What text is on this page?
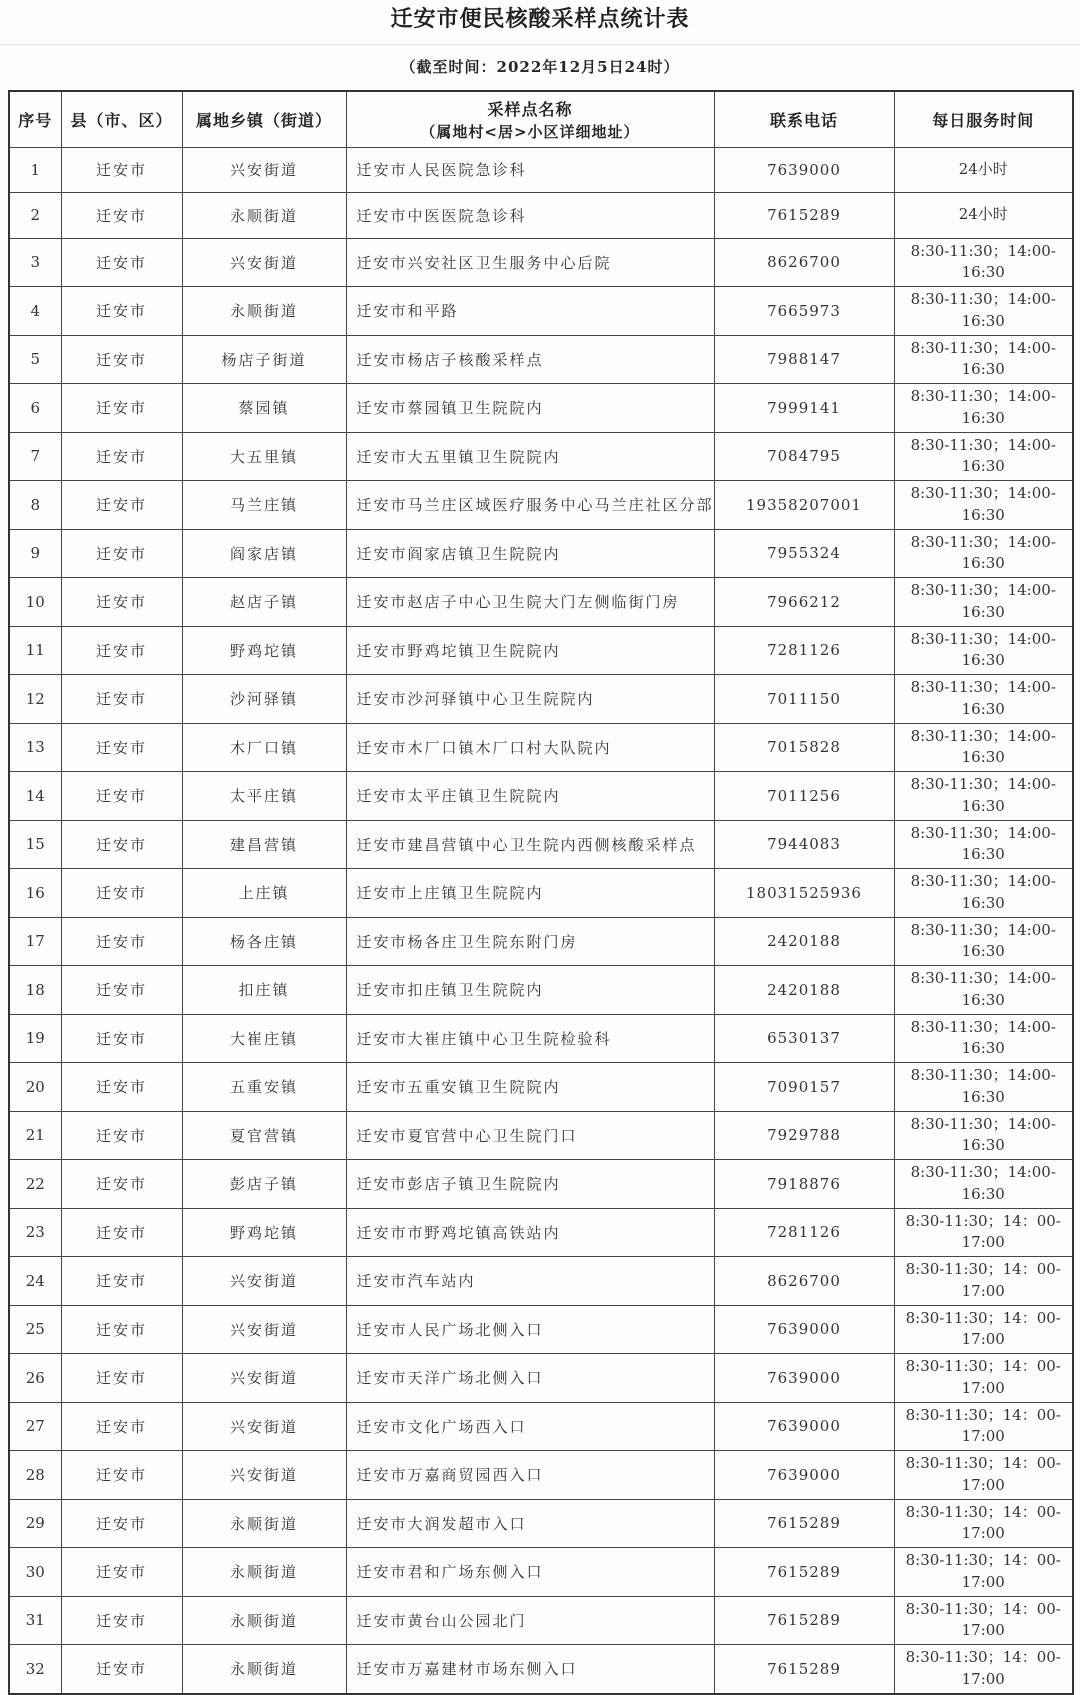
迁安市便民核酸采样点统计表
（截至时间：2022年12月5日24时）
序号	县（市、区）	属地乡镇（街道）	采样点名称
（属地村<居>小区详细地址）	联系电话	每日服务时间

1	迁安市	兴安街道	迁安市人民医院急诊科	7639000	24小时
2	迁安市	永顺街道	迁安市中医医院急诊科	7615289	24小时
3	迁安市	兴安街道	迁安市兴安社区卫生服务中心后院	8626700	8:30-11:30；14:00-16:30
4	迁安市	永顺街道	迁安市和平路	7665973	8:30-11:30；14:00-16:30
5	迁安市	杨店子街道	迁安市杨店子核酸采样点	7988147	8:30-11:30；14:00-16:30
6	迁安市	蔡园镇	迁安市蔡园镇卫生院院内	7999141	8:30-11:30；14:00-16:30
7	迁安市	大五里镇	迁安市大五里镇卫生院院内	7084795	8:30-11:30；14:00-16:30
8	迁安市	马兰庄镇	迁安市马兰庄区域医疗服务中心马兰庄社区分部	19358207001	8:30-11:30；14:00-16:30
9	迁安市	阎家店镇	迁安市阎家店镇卫生院院内	7955324	8:30-11:30；14:00-16:30
10	迁安市	赵店子镇	迁安市赵店子中心卫生院大门左侧临街门房	7966212	8:30-11:30；14:00-16:30
11	迁安市	野鸡坨镇	迁安市野鸡坨镇卫生院院内	7281126	8:30-11:30；14:00-16:30
12	迁安市	沙河驿镇	迁安市沙河驿镇中心卫生院院内	7011150	8:30-11:30；14:00-16:30
13	迁安市	木厂口镇	迁安市木厂口镇木厂口村大队院内	7015828	8:30-11:30；14:00-16:30
14	迁安市	太平庄镇	迁安市太平庄镇卫生院院内	7011256	8:30-11:30；14:00-16:30
15	迁安市	建昌营镇	迁安市建昌营镇中心卫生院内西侧核酸采样点	7944083	8:30-11:30；14:00-16:30
16	迁安市	上庄镇	迁安市上庄镇卫生院院内	18031525936	8:30-11:30；14:00-16:30
17	迁安市	杨各庄镇	迁安市杨各庄卫生院东附门房	2420188	8:30-11:30；14:00-16:30
18	迁安市	扣庄镇	迁安市扣庄镇卫生院院内	2420188	8:30-11:30；14:00-16:30
19	迁安市	大崔庄镇	迁安市大崔庄镇中心卫生院检验科	6530137	8:30-11:30；14:00-16:30
20	迁安市	五重安镇	迁安市五重安镇卫生院院内	7090157	8:30-11:30；14:00-16:30
21	迁安市	夏官营镇	迁安市夏官营中心卫生院门口	7929788	8:30-11:30；14:00-16:30
22	迁安市	彭店子镇	迁安市彭店子镇卫生院院内	7918876	8:30-11:30；14:00-16:30
23	迁安市	野鸡坨镇	迁安市市野鸡坨镇高铁站内	7281126	8:30-11:30；14：00-17:00
24	迁安市	兴安街道	迁安市汽车站内	8626700	8:30-11:30；14：00-17:00
25	迁安市	兴安街道	迁安市人民广场北侧入口	7639000	8:30-11:30；14：00-17:00
26	迁安市	兴安街道	迁安市天洋广场北侧入口	7639000	8:30-11:30；14：00-17:00
27	迁安市	兴安街道	迁安市文化广场西入口	7639000	8:30-11:30；14：00-17:00
28	迁安市	兴安街道	迁安市万嘉商贸园西入口	7639000	8:30-11:30；14：00-17:00
29	迁安市	永顺街道	迁安市大润发超市入口	7615289	8:30-11:30；14：00-17:00
30	迁安市	永顺街道	迁安市君和广场东侧入口	7615289	8:30-11:30；14：00-17:00
31	迁安市	永顺街道	迁安市黄台山公园北门	7615289	8:30-11:30；14：00-17:00
32	迁安市	永顺街道	迁安市万嘉建材市场东侧入口	7615289	8:30-11:30；14：00-17:00
